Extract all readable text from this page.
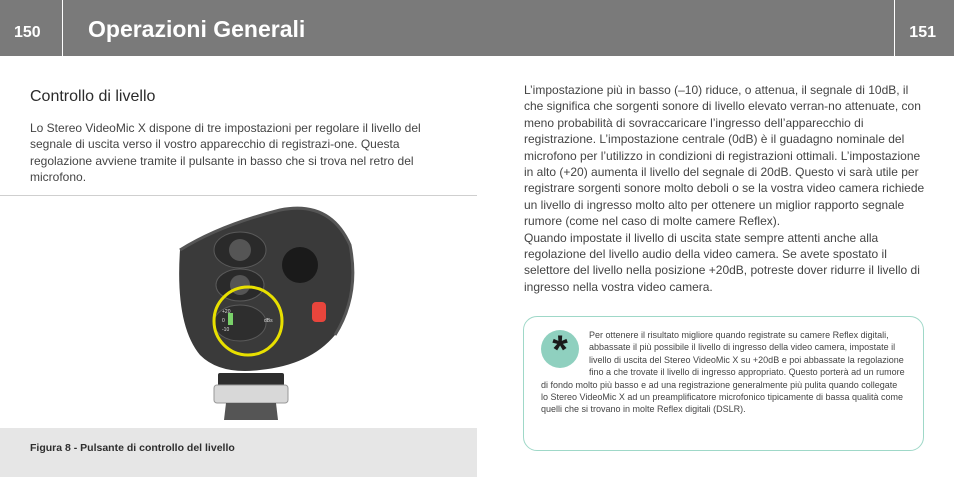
150 Operazioni Generali	151
Controllo di livello
Lo Stereo VideoMic X dispone di tre impostazioni per regolare il livello del segnale di uscita verso il vostro apparecchio di registrazi-one. Questa regolazione avviene tramite il pulsante in basso che si trova nel retro del microfono.
+20
0
-10
dBs
Figura 8 - Pulsante di controllo del livello

L’impostazione più in basso (–10) riduce, o attenua, il segnale di 10dB, il che significa che sorgenti sonore di livello elevato verran-no attenuate, con meno probabilità di sovraccaricare l’ingresso dell’apparecchio di registrazione. L’impostazione centrale (0dB) è il guadagno nominale del microfono per l’utilizzo in condizioni di registrazioni ottimali. L’impostazione in alto (+20) aumenta il livello del segnale di 20dB. Questo vi sarà utile per registrare sorgenti sonore molto deboli o se la vostra video camera richiede un livello di ingresso molto alto per ottenere un miglior rapporto segnale rumore (come nel caso di molte camere Reflex).

Quando impostate il livello di uscita state sempre attenti anche alla regolazione del livello audio della video camera. Se avete spostato il selettore del livello nella posizione +20dB, potreste dover ridurre il livello di ingresso nella vostra video camera.

*	Per ottenere il risultato migliore quando registrate su camere Reflex digitali, abbassate il più possibile il livello di ingresso della video camera, impostate il livello di uscita del Stereo VideoMic X su +20dB e poi abbassate la regolazione fino a che trovate il livello di ingresso appropriato. Questo porterà ad un rumore di fondo molto più basso e ad una registrazione generalmente più pulita quando collegate lo Stereo VideoMic X ad un preamplificatore microfonico tipicamente di bassa qualità come quelli che si trovano in molte Reflex digitali (DSLR).
